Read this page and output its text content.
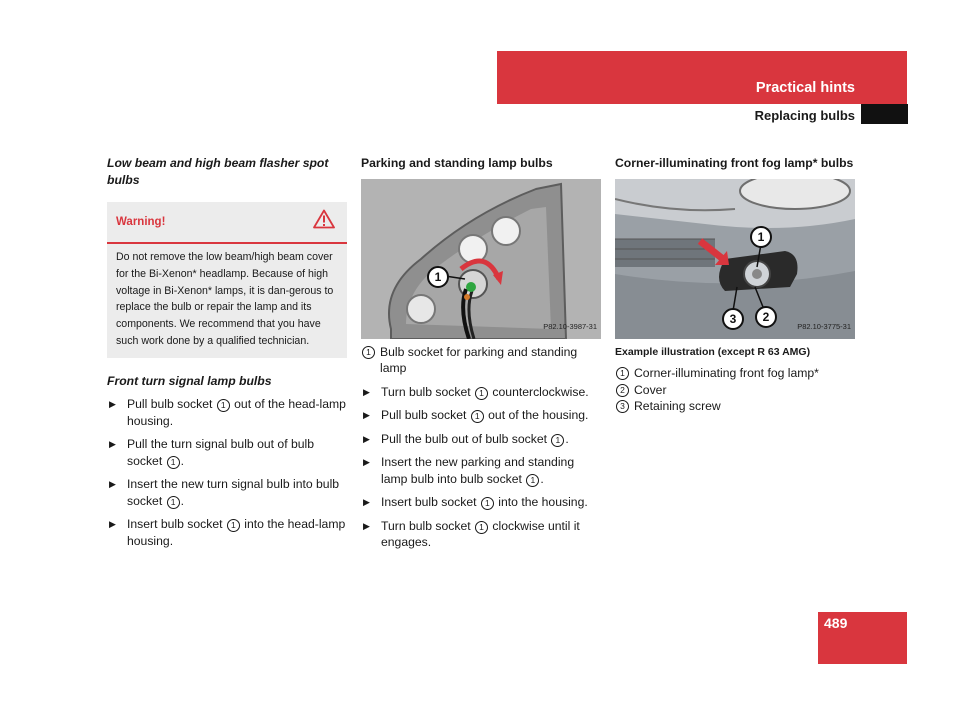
Practical hints
Replacing bulbs

Low beam and high beam flasher spot bulbs

Warning!
Do not remove the low beam/high beam cover for the Bi-Xenon* headlamp. Because of high voltage in Bi-Xenon* lamps, it is dan-gerous to replace the bulb or repair the lamp and its components. We recommend that you have such work done by a qualified technician.

Front turn signal lamp bulbs

▶ Pull bulb socket 1 out of the head-lamp housing.
▶ Pull the turn signal bulb out of bulb socket 1 .
▶ Insert the new turn signal bulb into bulb socket 1 .
▶ Insert bulb socket 1 into the head-lamp housing.

Parking and standing lamp bulbs

1
P82.10-3987-31
1 Bulb socket for parking and standing lamp
▶ Turn bulb socket 1 counterclockwise.
▶ Pull bulb socket 1 out of the housing.
▶ Pull the bulb out of bulb socket 1 .
▶ Insert the new parking and standing lamp bulb into bulb socket 1 .
▶ Insert bulb socket 1 into the housing.
▶ Turn bulb socket 1 clockwise until it engages.

Corner-illuminating front fog lamp* bulbs

1
2
3
P82.10-3775-31
Example illustration (except R 63 AMG)
1 Corner-illuminating front fog lamp*
2 Cover
3 Retaining screw
489
